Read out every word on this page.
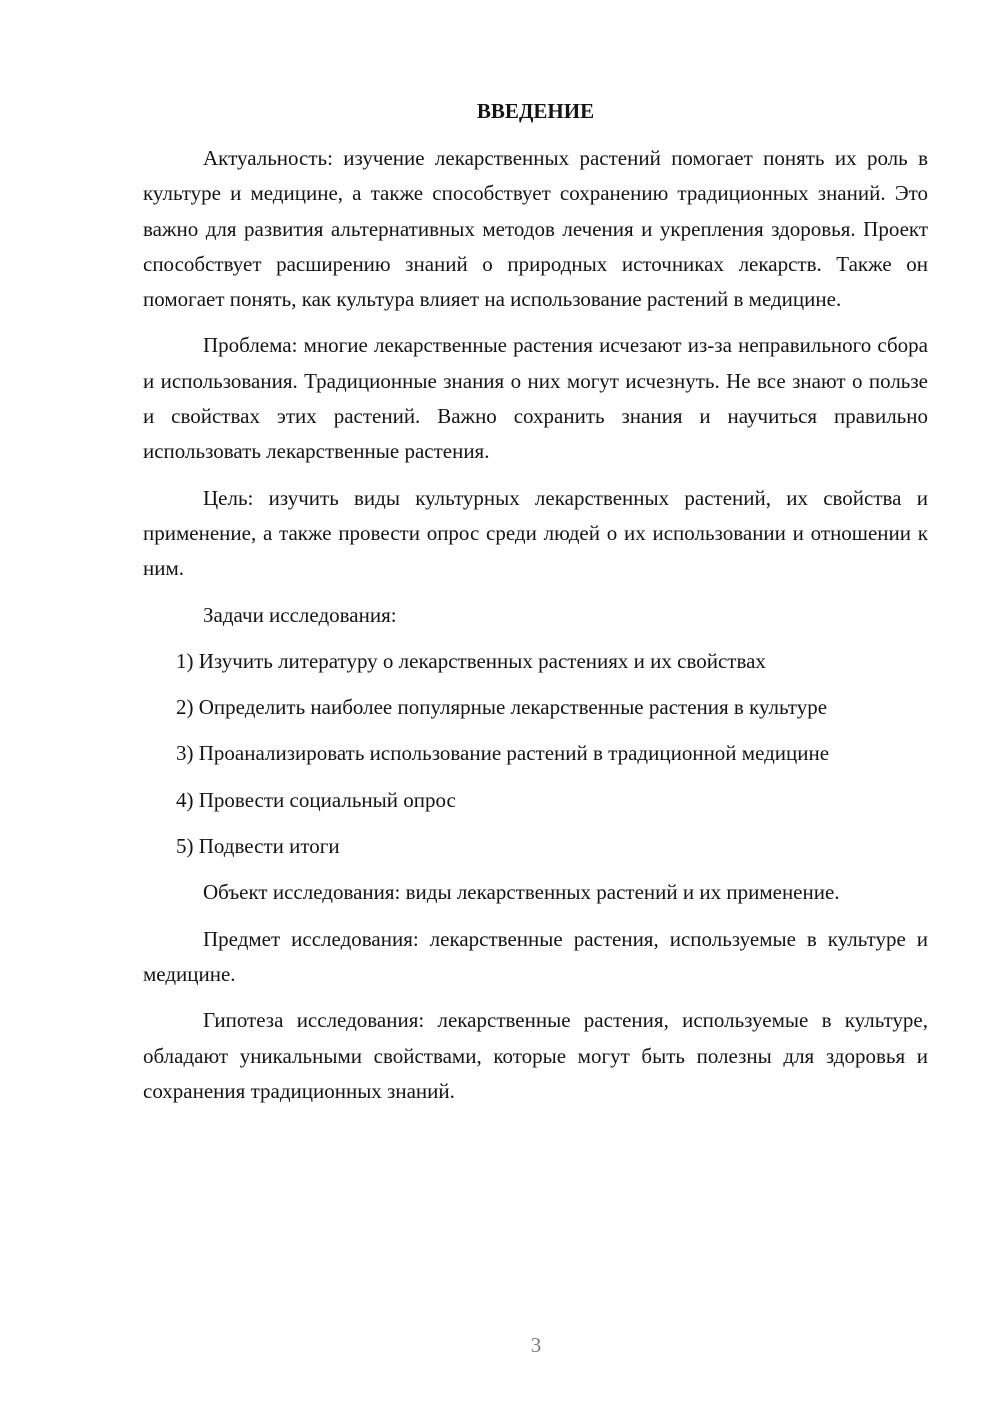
ВВЕДЕНИЕ

Актуальность: изучение лекарственных растений помогает понять их роль в культуре и медицине, а также способствует сохранению традиционных знаний. Это важно для развития альтернативных методов лечения и укрепления здоровья. Проект способствует расширению знаний о природных источниках лекарств. Также он помогает понять, как культура влияет на использование растений в медицине.

Проблема: многие лекарственные растения исчезают из-за неправильного сбора и использования. Традиционные знания о них могут исчезнуть. Не все знают о пользе и свойствах этих растений. Важно сохранить знания и научиться правильно использовать лекарственные растения.

Цель: изучить виды культурных лекарственных растений, их свойства и применение, а также провести опрос среди людей о их использовании и отношении к ним.

Задачи исследования:

1) Изучить литературу о лекарственных растениях и их свойствах

2) Определить наиболее популярные лекарственные растения в культуре

3) Проанализировать использование растений в традиционной медицине

4) Провести социальный опрос

5) Подвести итоги

Объект исследования: виды лекарственных растений и их применение.

Предмет исследования: лекарственные растения, используемые в культуре и медицине.

Гипотеза исследования: лекарственные растения, используемые в культуре, обладают уникальными свойствами, которые могут быть полезны для здоровья и сохранения традиционных знаний.

3
